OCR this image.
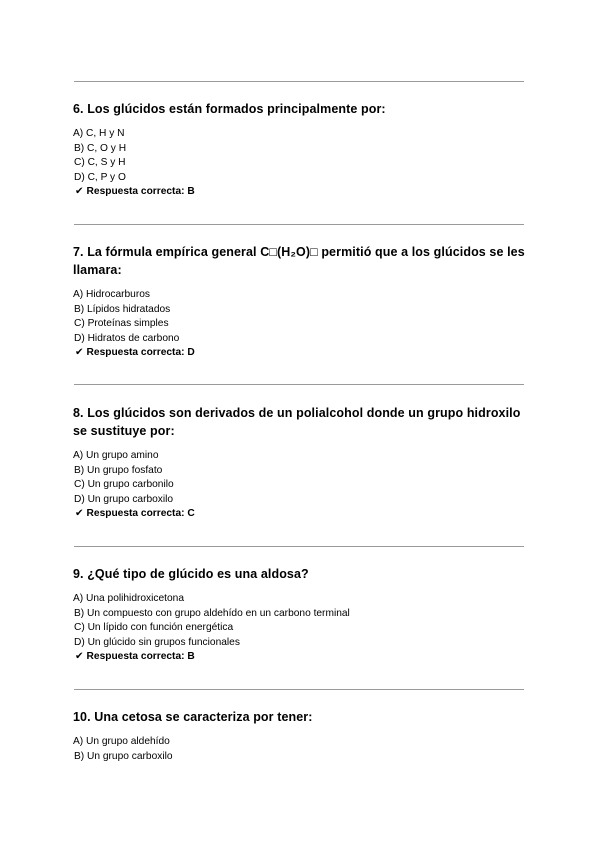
6. Los glúcidos están formados principalmente por:
A) C, H y N
B) C, O y H
C) C, S y H
D) C, P y O
✔ Respuesta correcta: B
7. La fórmula empírica general C□(H₂O)□ permitió que a los glúcidos se les llamara:
A) Hidrocarburos
B) Lípidos hidratados
C) Proteínas simples
D) Hidratos de carbono
✔ Respuesta correcta: D
8. Los glúcidos son derivados de un polialcohol donde un grupo hidroxilo se sustituye por:
A) Un grupo amino
B) Un grupo fosfato
C) Un grupo carbonilo
D) Un grupo carboxilo
✔ Respuesta correcta: C
9. ¿Qué tipo de glúcido es una aldosa?
A) Una polihidroxicetona
B) Un compuesto con grupo aldehído en un carbono terminal
C) Un lípido con función energética
D) Un glúcido sin grupos funcionales
✔ Respuesta correcta: B
10. Una cetosa se caracteriza por tener:
A) Un grupo aldehído
B) Un grupo carboxilo
